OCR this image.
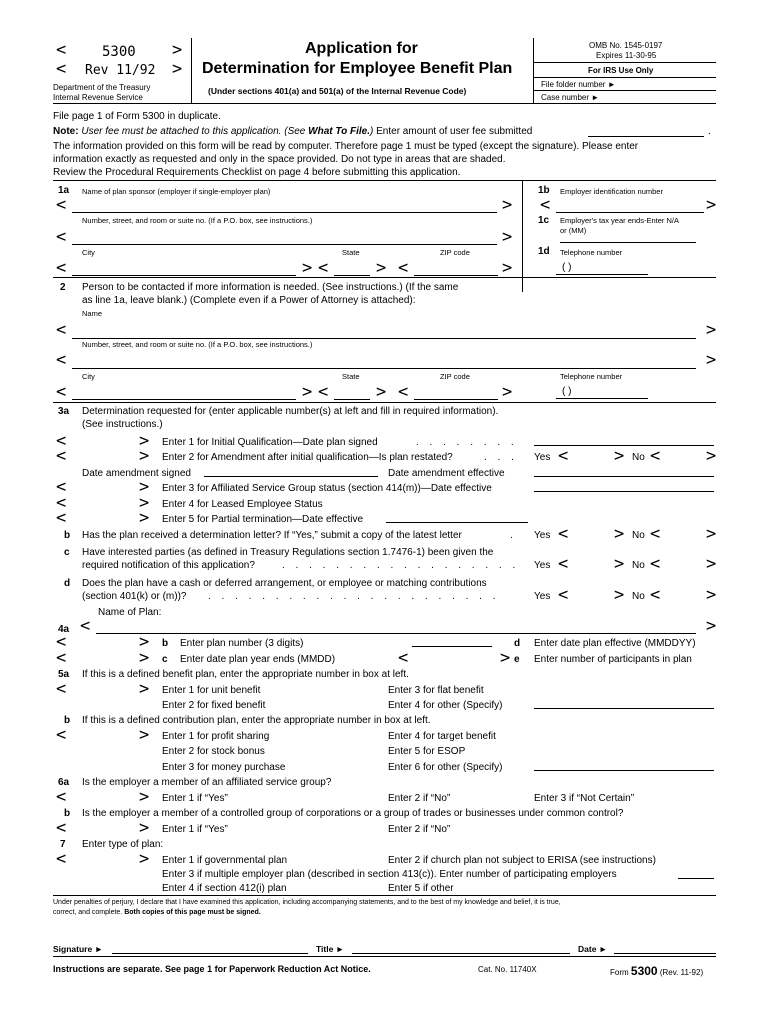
<	5300 >
< Rev 11/92 >
Department of the Treasury
Internal Revenue Service
Application for
Determination for Employee Benefit Plan
(Under sections 401(a) and 501(a) of the Internal Revenue Code)
OMB No. 1545-0197
Expires 11-30-95
For IRS Use Only
File folder number ►
Case number ►
File page 1 of Form 5300 in duplicate.
Note: User fee must be attached to this application. (See What To File.) Enter amount of user fee submitted	.
The information provided on this form will be read by computer. Therefore page 1 must be typed (except the signature). Please enter
information exactly as requested and only in the space provided. Do not type in areas that are shaded.
Review the Procedural Requirements Checklist on page 4 before submitting this application.
1a Name of plan sponsor (employer if single-employer plan)	1b Employer identification number
<	> <	>
Number, street, and room or suite no. (If a P.O. box, see instructions.)	1c Employer's tax year ends-Enter N/A
or (MM)
<	>
City	State	ZIP code	1d Telephone number
<	> <	> <	>	( )
2 Person to be contacted if more information is needed. (See instructions.) (If the same
as line 1a, leave blank.) (Complete even if a Power of Attorney is attached):
Name
<	>
Number, street, and room or suite no. (If a P.O. box, see instructions.)
<	>
City	State	ZIP code	Telephone number
<	> <	> <	>	( )
3a Determination requested for (enter applicable number(s) at left and fill in required information).
(See instructions.)
<	> Enter 1 for Initial Qualification—Date plan signed	. . . . . . . .
<	> Enter 2 for Amendment after initial qualification—Is plan restated?	. . . Yes <	> No <	>
Date amendment signed	Date amendment effective
<	> Enter 3 for Affiliated Service Group status (section 414(m))—Date effective
<	> Enter 4 for Leased Employee Status
<	> Enter 5 for Partial termination—Date effective
b Has the plan received a determination letter? If “Yes,” submit a copy of the latest letter	. Yes <	> No <	>
c Have interested parties (as defined in Treasury Regulations section 1.7476-1) been given the
required notification of this application?	. . . . . . . . . . . . . . . . . . Yes <	> No <	>
d Does the plan have a cash or deferred arrangement, or employee or matching contributions
(section 401(k) or (m))? . . . . . . . . . . . . . . . . . . . . . .	Yes <	> No <	>
Name of Plan:
4a <	>
<	> b Enter plan number (3 digits)	d Enter date plan effective (MMDDYY)
<	> c Enter date plan year ends (MMDD)	<	> e Enter number of participants in plan
5a If this is a defined benefit plan, enter the appropriate number in box at left.
<	> Enter 1 for unit benefit	Enter 3 for flat benefit
Enter 2 for fixed benefit	Enter 4 for other (Specify)
b If this is a defined contribution plan, enter the appropriate number in box at left.
<	> Enter 1 for profit sharing	Enter 4 for target benefit
Enter 2 for stock bonus	Enter 5 for ESOP
Enter 3 for money purchase	Enter 6 for other (Specify)
6a Is the employer a member of an affiliated service group?
<	> Enter 1 if “Yes”	Enter 2 if “No”	Enter 3 if “Not Certain”
b Is the employer a member of a controlled group of corporations or a group of trades or businesses under common control?
<	> Enter 1 if “Yes”	Enter 2 if “No”
7 Enter type of plan:
<	> Enter 1 if governmental plan	Enter 2 if church plan not subject to ERISA (see instructions)
Enter 3 if multiple employer plan (described in section 413(c)). Enter number of participating employers
Enter 4 if section 412(i) plan	Enter 5 if other
Under penalties of perjury, I declare that I have examined this application, including accompanying statements, and to the best of my knowledge and belief, it is true,
correct, and complete. Both copies of this page must be signed.
Signature ►	Title ►	Date ►
Instructions are separate. See page 1 for Paperwork Reduction Act Notice.	Cat. No. 11740X	Form 5300 (Rev. 11-92)
